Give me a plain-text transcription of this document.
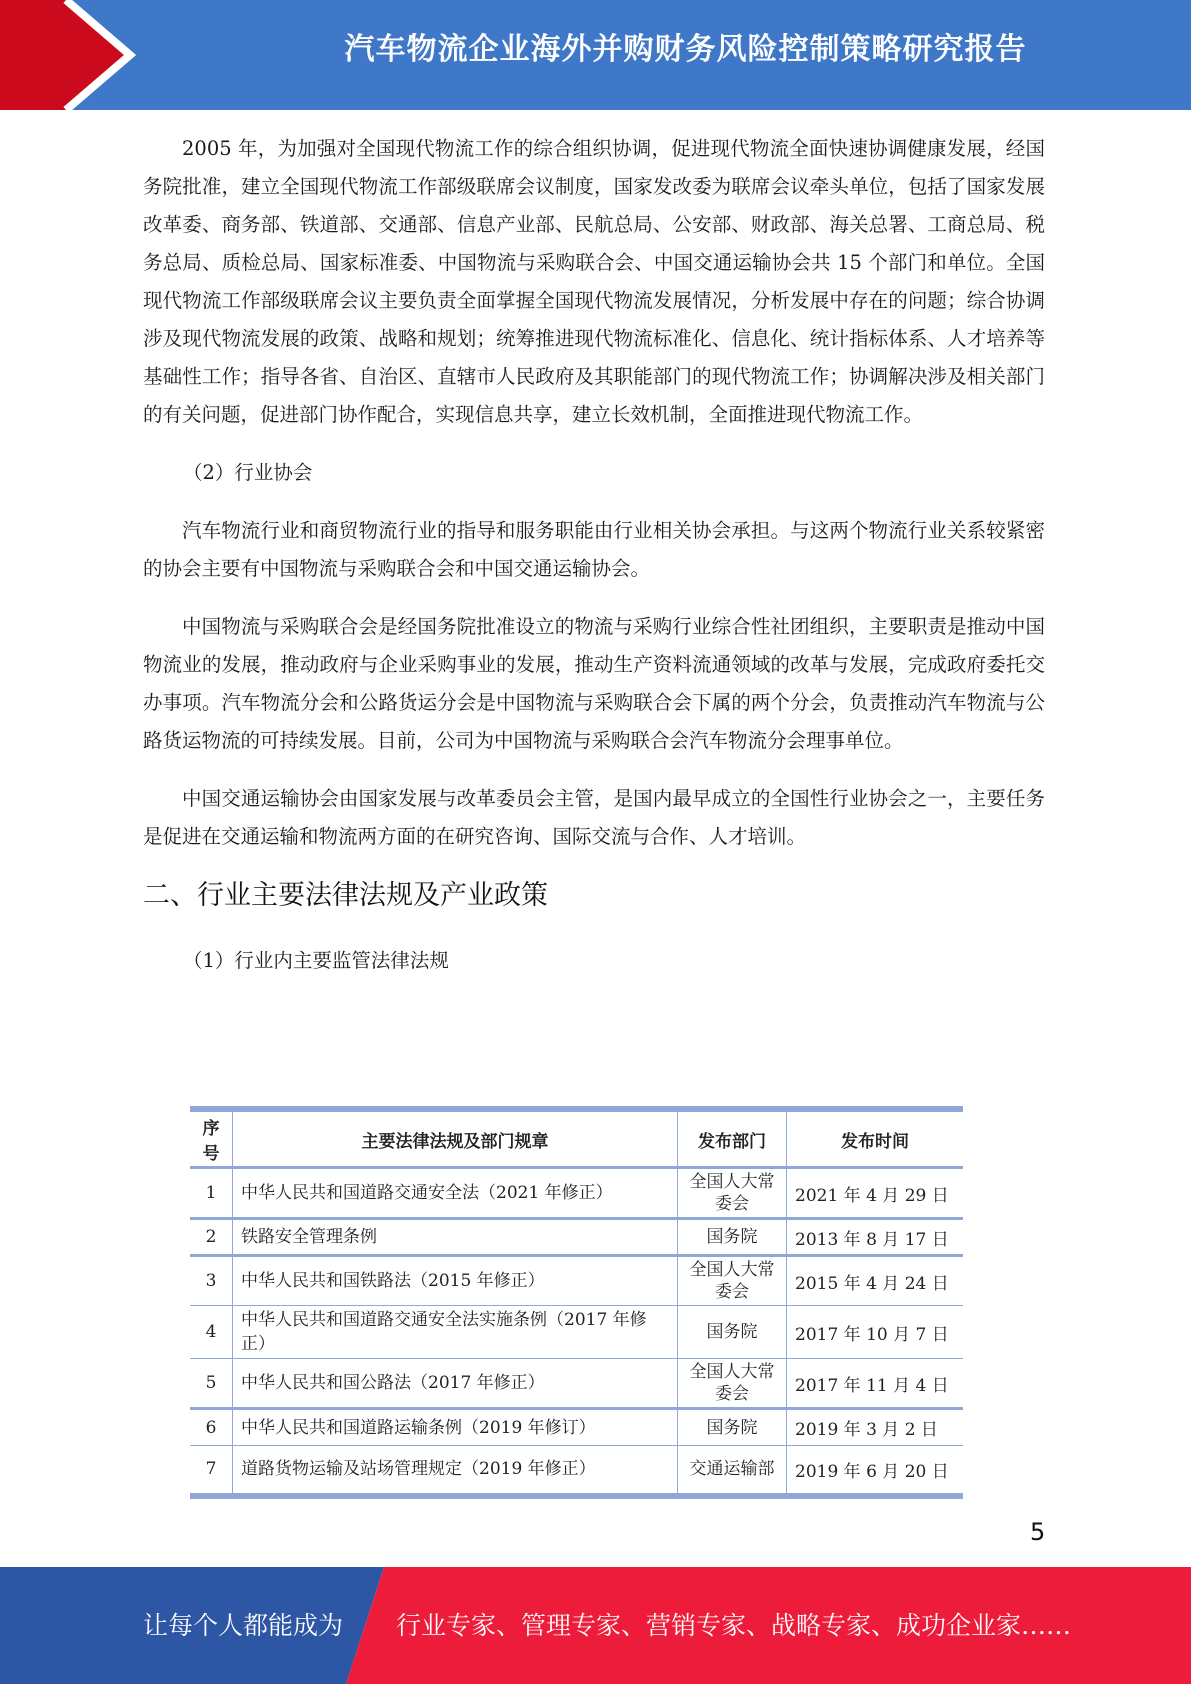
汽车物流企业海外并购财务风险控制策略研究报告

2005 年，为加强对全国现代物流工作的综合组织协调，促进现代物流全面快速协调健康发展，经国务院批准，建立全国现代物流工作部级联席会议制度，国家发改委为联席会议牵头单位，包括了国家发展改革委、商务部、铁道部、交通部、信息产业部、民航总局、公安部、财政部、海关总署、工商总局、税务总局、质检总局、国家标准委、中国物流与采购联合会、中国交通运输协会共 15 个部门和单位。全国现代物流工作部级联席会议主要负责全面掌握全国现代物流发展情况，分析发展中存在的问题；综合协调涉及现代物流发展的政策、战略和规划；统筹推进现代物流标准化、信息化、统计指标体系、人才培养等基础性工作；指导各省、自治区、直辖市人民政府及其职能部门的现代物流工作；协调解决涉及相关部门的有关问题，促进部门协作配合，实现信息共享，建立长效机制，全面推进现代物流工作。

（2）行业协会

汽车物流行业和商贸物流行业的指导和服务职能由行业相关协会承担。与这两个物流行业关系较紧密的协会主要有中国物流与采购联合会和中国交通运输协会。

中国物流与采购联合会是经国务院批准设立的物流与采购行业综合性社团组织，主要职责是推动中国物流业的发展，推动政府与企业采购事业的发展，推动生产资料流通领域的改革与发展，完成政府委托交办事项。汽车物流分会和公路货运分会是中国物流与采购联合会下属的两个分会，负责推动汽车物流与公路货运物流的可持续发展。目前，公司为中国物流与采购联合会汽车物流分会理事单位。

中国交通运输协会由国家发展与改革委员会主管，是国内最早成立的全国性行业协会之一，主要任务是促进在交通运输和物流两方面的在研究咨询、国际交流与合作、人才培训。

二、行业主要法律法规及产业政策

（1）行业内主要监管法律法规

序号	主要法律法规及部门规章	发布部门	发布时间
1	中华人民共和国道路交通安全法（2021 年修正）	全国人大常委会	2021 年 4 月 29 日
2	铁路安全管理条例	国务院	2013 年 8 月 17 日
3	中华人民共和国铁路法（2015 年修正）	全国人大常委会	2015 年 4 月 24 日
4	中华人民共和国道路交通安全法实施条例（2017 年修正）	国务院	2017 年 10 月 7 日
5	中华人民共和国公路法（2017 年修正）	全国人大常委会	2017 年 11 月 4 日
6	中华人民共和国道路运输条例（2019 年修订）	国务院	2019 年 3 月 2 日
7	道路货物运输及站场管理规定（2019 年修正）	交通运输部	2019 年 6 月 20 日
5
让每个人都能成为 行业专家、管理专家、营销专家、战略专家、成功企业家……
